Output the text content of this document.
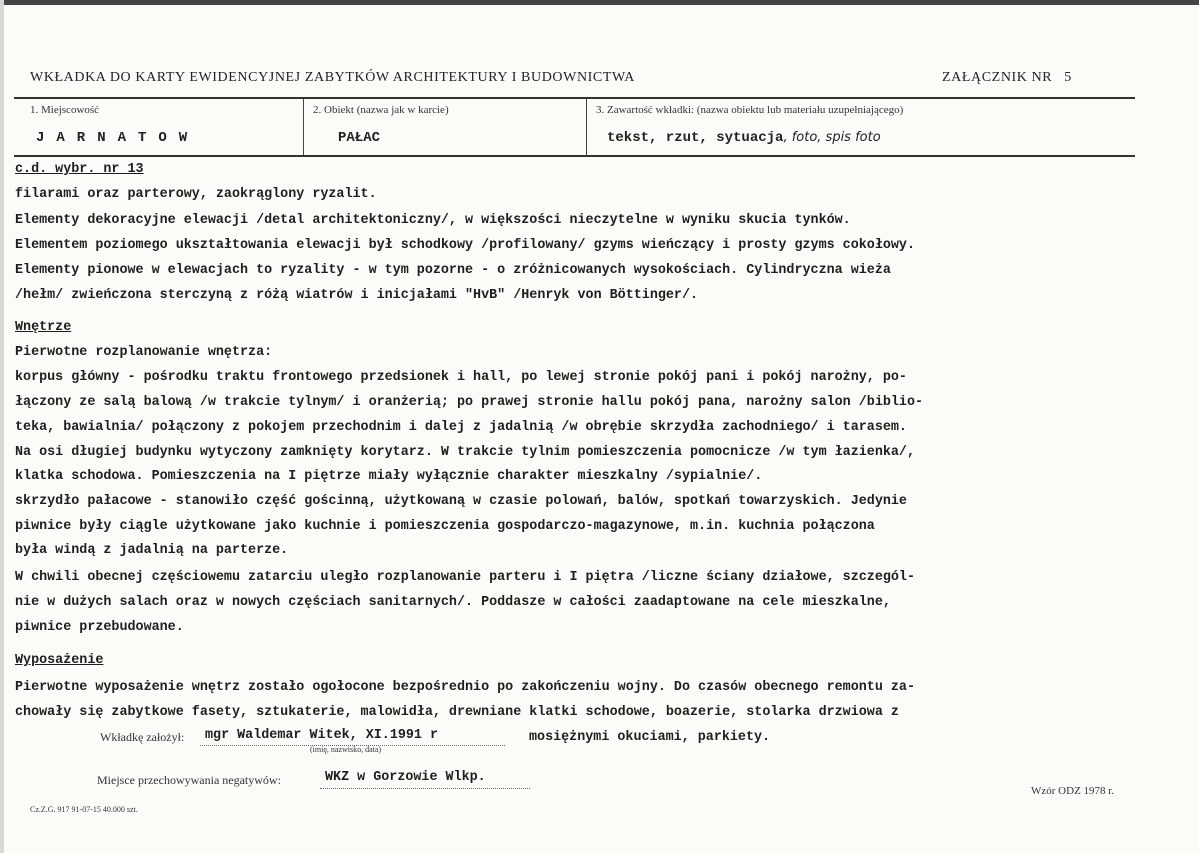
WKŁADKA DO KARTY EWIDENCYJNEJ ZABYTKÓW ARCHITEKTURY I BUDOWNICTWA	ZAŁĄCZNIK NR 5
1. Miejscowość
JARNATOW
2. Obiekt (nazwa jak w karcie)
PAŁAC
3. Zawartość wkładki: (nazwa obiektu lub materiału uzupełniającego)
tekst, rzut, sytuacja, foto, spis foto
c.d. wybr. nr 13
filarami oraz parterowy, zaokrąglony ryzalit.
Elementy dekoracyjne elewacji /detal architektoniczny/, w większości nieczytelne w wyniku skucia tynków.
Elementem poziomego ukształtowania elewacji był schodkowy /profilowany/ gzyms wieńczący i prosty gzyms cokołowy.
Elementy pionowe w elewacjach to ryzality - w tym pozorne - o zróżnicowanych wysokościach. Cylindryczna wieża
/hełm/ zwieńczona sterczyną z różą wiatrów i inicjałami "HvB" /Henryk von Böttinger/.
Wnętrze
Pierwotne rozplanowanie wnętrza:
korpus główny - pośrodku traktu frontowego przedsionek i hall, po lewej stronie pokój pani i pokój narożny, po-
łączony ze salą balową /w trakcie tylnym/ i oranżerią; po prawej stronie hallu pokój pana, narożny salon /biblio-
teka, bawialnia/ połączony z pokojem przechodnim i dalej z jadalnią /w obrębie skrzydła zachodniego/ i tarasem.
Na osi długiej budynku wytyczony zamknięty korytarz. W trakcie tylnim pomieszczenia pomocnicze /w tym łazienka/,
klatka schodowa. Pomieszczenia na I piętrze miały wyłącznie charakter mieszkalny /sypialnie/.
skrzydło pałacowe - stanowiło część gościnną, użytkowaną w czasie polowań, balów, spotkań towarzyskich. Jedynie
piwnice były ciągle użytkowane jako kuchnie i pomieszczenia gospodarczo-magazynowe, m.in. kuchnia połączona
była windą z jadalnią na parterze.
W chwili obecnej częściowemu zatarciu uległo rozplanowanie parteru i I piętra /liczne ściany działowe, szczegól-
nie w dużych salach oraz w nowych częściach sanitarnych/. Poddasze w całości zaadaptowane na cele mieszkalne,
piwnice przebudowane.
Wyposażenie
Pierwotne wyposażenie wnętrz zostało ogołocone bezpośrednio po zakończeniu wojny. Do czasów obecnego remontu za-
chowały się zabytkowe fasety, sztukaterie, malowidła, drewniane klatki schodowe, boazerie, stolarka drzwiowa z
Wkładkę założył: mgr Waldemar Witek, XI.1991 r
(imię, nazwisko, data)
mosiężnymi okuciami, parkiety.
Miejsce przechowywania negatywów:	WKZ w Gorzowie Wlkp.
Wzór ODZ 1978 r.
Cz.Z.G. 917 91-07-15 40.000 szt.
